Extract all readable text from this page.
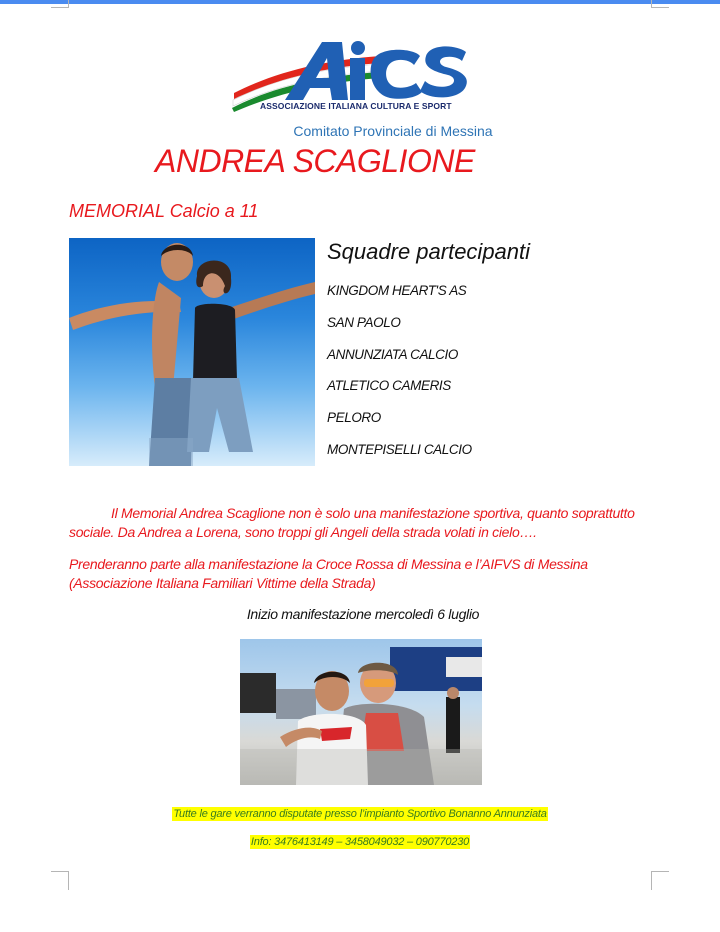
ASSOCIAZIONE ITALIANA CULTURA E SPORT
Comitato Provinciale di Messina
ANDREA SCAGLIONE
MEMORIAL Calcio a 11
Squadre partecipanti
KINGDOM HEART'S AS
SAN PAOLO
ANNUNZIATA CALCIO
ATLETICO CAMERIS
PELORO
MONTEPISELLI CALCIO
Il Memorial Andrea Scaglione non è solo una manifestazione sportiva, quanto soprattutto sociale. Da Andrea a Lorena, sono troppi gli Angeli della strada volati in cielo….
Prenderanno parte alla manifestazione la Croce Rossa di Messina e l’AIFVS di Messina (Associazione Italiana Familiari Vittime della Strada)
Inizio manifestazione mercoledì 6 luglio
Tutte le gare verranno disputate presso l’impianto Sportivo Bonanno Annunziata
Info: 3476413149 – 3458049032 – 090770230
